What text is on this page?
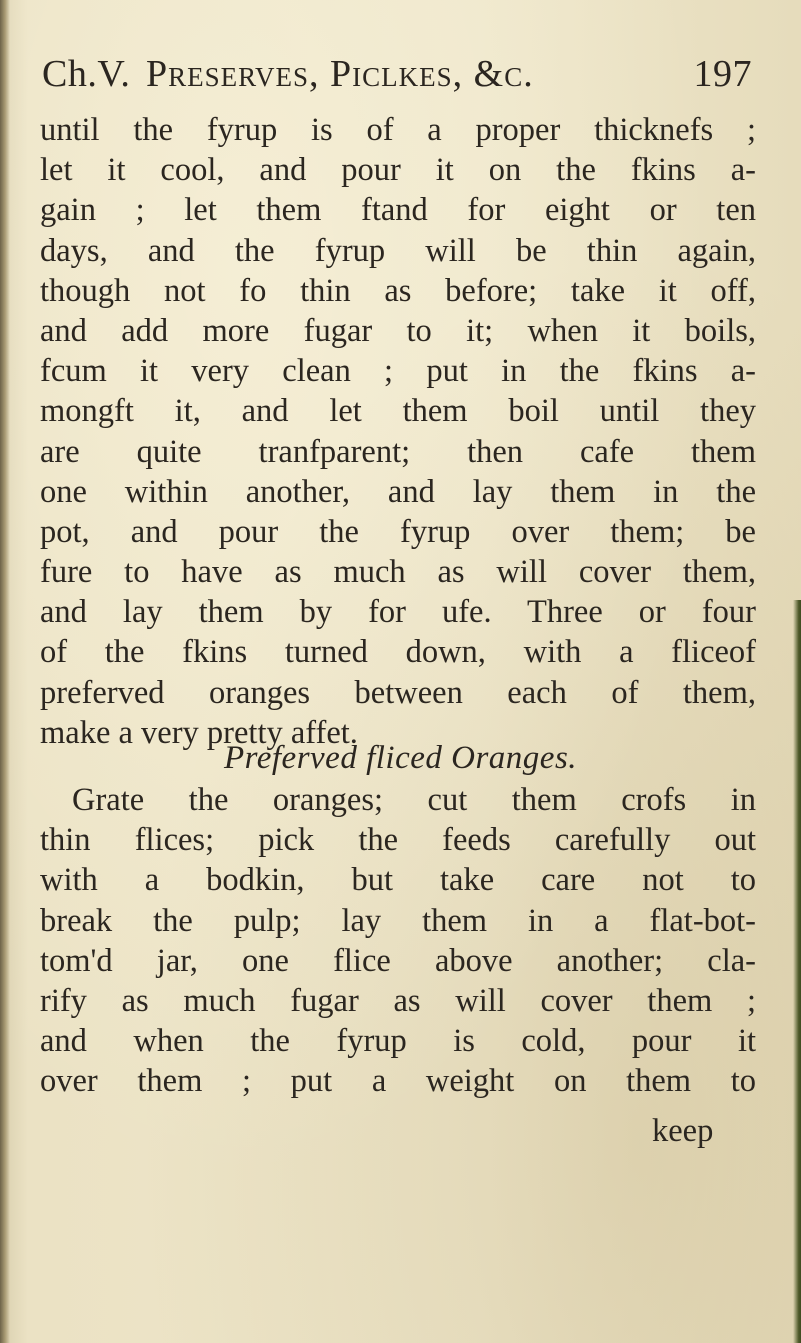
Ch.V. Preserves, Piclkes, &c.	197
until the fyrup is of a proper thicknefs ;
let it cool, and pour it on the fkins a-
gain ; let them ftand for eight or ten
days, and the fyrup will be thin again,
though not fo thin as before; take it off,
and add more fugar to it; when it boils,
fcum it very clean ; put in the fkins a-
mongft it, and let them boil until they
are quite tranfparent; then cafe them
one within another, and lay them in the
pot, and pour the fyrup over them; be
fure to have as much as will cover them,
and lay them by for ufe. Three or four
of the fkins turned down, with a fliceof
preferved oranges between each of them,
make a very pretty affet.
Preferved fliced Oranges.
Grate the oranges; cut them crofs in
thin flices; pick the feeds carefully out
with a bodkin, but take care not to
break the pulp; lay them in a flat-bot-
tom'd jar, one flice above another; cla-
rify as much fugar as will cover them ;
and when the fyrup is cold, pour it
over them ; put a weight on them to
keep
